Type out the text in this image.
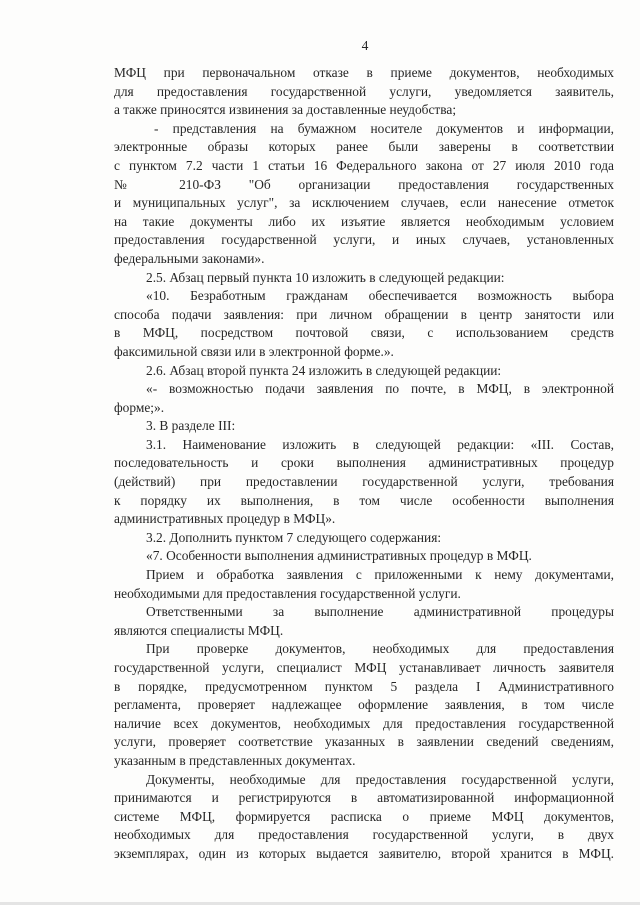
4
МФЦ при первоначальном отказе в приеме документов, необходимых
для предоставления государственной услуги, уведомляется заявитель,
а также приносятся извинения за доставленные неудобства;
- представления на бумажном носителе документов и информации,
электронные образы которых ранее были заверены в соответствии
с пунктом 7.2 части 1 статьи 16 Федерального закона от 27 июля 2010 года
№ 210-ФЗ "Об организации предоставления государственных
и муниципальных услуг", за исключением случаев, если нанесение отметок
на такие документы либо их изъятие является необходимым условием
предоставления государственной услуги, и иных случаев, установленных
федеральными законами».
2.5. Абзац первый пункта 10 изложить в следующей редакции:
«10. Безработным гражданам обеспечивается возможность выбора
способа подачи заявления: при личном обращении в центр занятости или
в МФЦ, посредством почтовой связи, с использованием средств
факсимильной связи или в электронной форме.».
2.6. Абзац второй пункта 24 изложить в следующей редакции:
«- возможностью подачи заявления по почте, в МФЦ, в электронной
форме;».
3. В разделе III:
3.1. Наименование изложить в следующей редакции: «III. Состав,
последовательность и сроки выполнения административных процедур
(действий) при предоставлении государственной услуги, требования
к порядку их выполнения, в том числе особенности выполнения
административных процедур в МФЦ».
3.2. Дополнить пунктом 7 следующего содержания:
«7. Особенности выполнения административных процедур в МФЦ.
Прием и обработка заявления с приложенными к нему документами,
необходимыми для предоставления государственной услуги.
Ответственными за выполнение административной процедуры
являются специалисты МФЦ.
При проверке документов, необходимых для предоставления
государственной услуги, специалист МФЦ устанавливает личность заявителя
в порядке, предусмотренном пунктом 5 раздела I Административного
регламента, проверяет надлежащее оформление заявления, в том числе
наличие всех документов, необходимых для предоставления государственной
услуги, проверяет соответствие указанных в заявлении сведений сведениям,
указанным в представленных документах.
Документы, необходимые для предоставления государственной услуги,
принимаются и регистрируются в автоматизированной информационной
системе МФЦ, формируется расписка о приеме МФЦ документов,
необходимых для предоставления государственной услуги, в двух
экземплярах, один из которых выдается заявителю, второй хранится в МФЦ.
